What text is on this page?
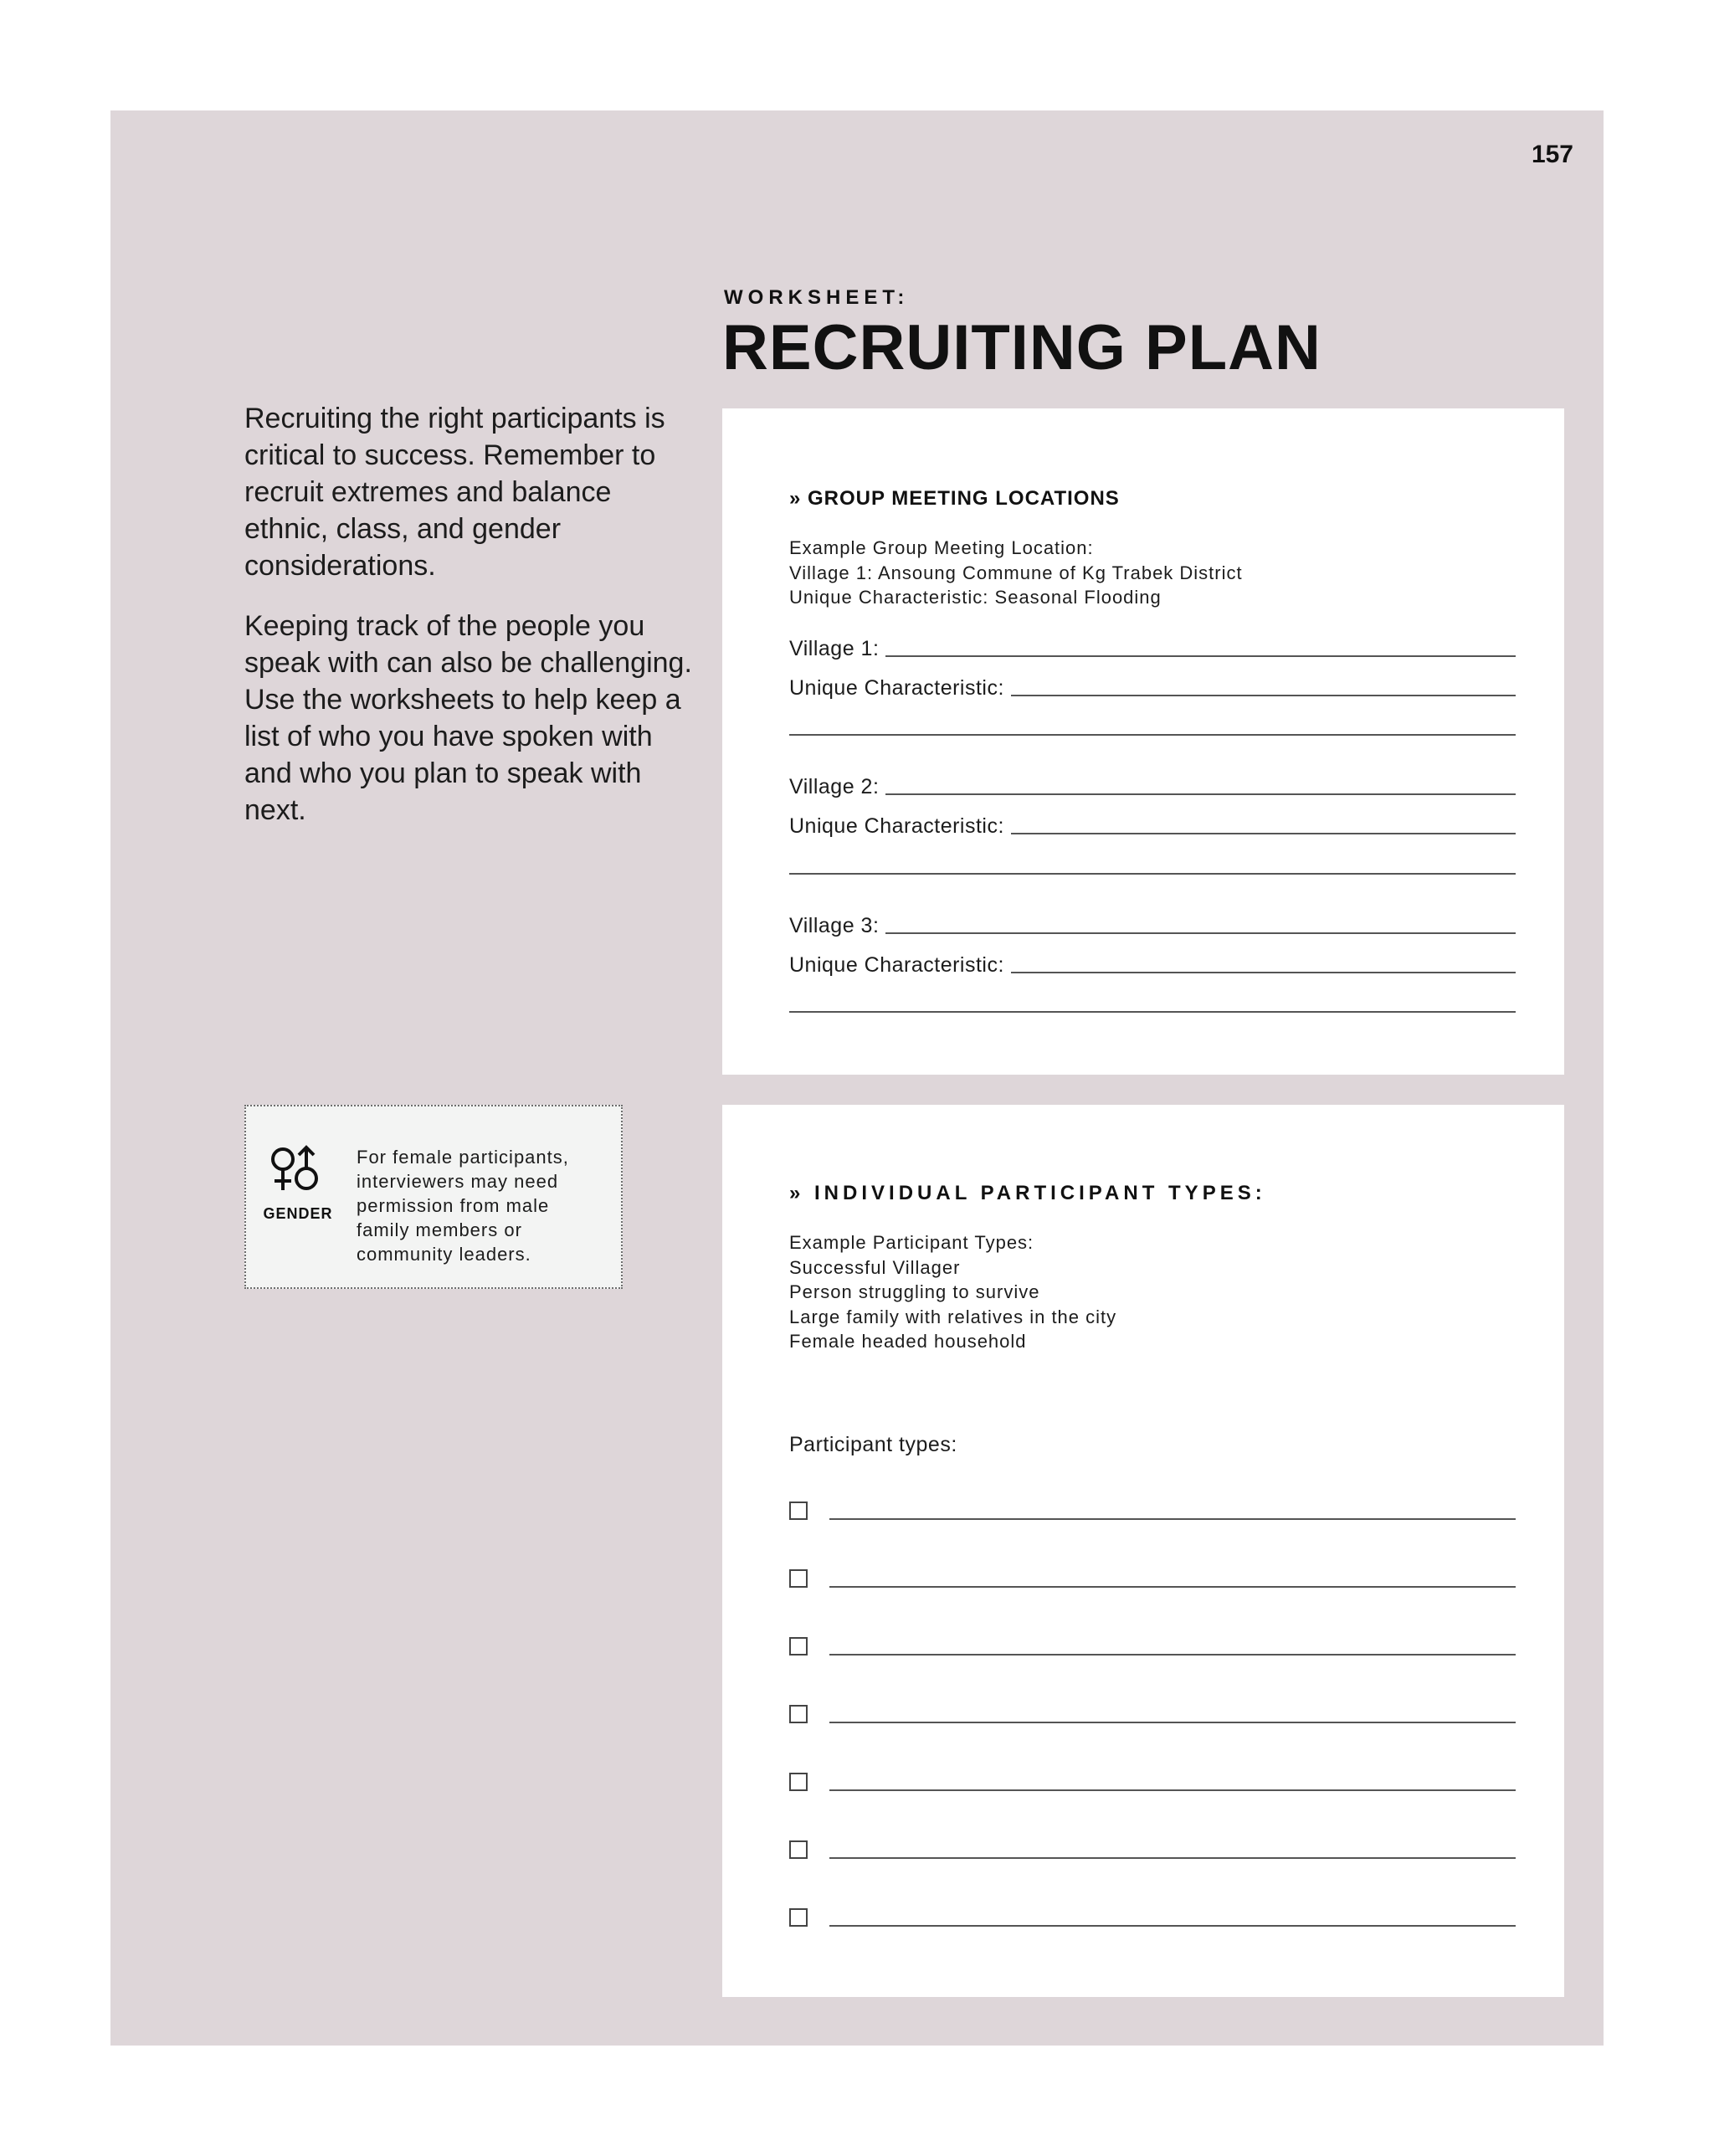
157
WORKSHEET:
RECRUITING PLAN

Recruiting the right participants is critical to success. Remember to recruit extremes and balance ethnic, class, and gender considerations.

Keeping track of the people you speak with can also be challenging. Use the worksheets to help keep a list of who you have spoken with and who you plan to speak with next.

GENDER
For female participants, interviewers may need permission from male family members or community leaders.
» GROUP MEETING LOCATIONS
Example Group Meeting Location:
Village 1: Ansoung Commune of Kg Trabek District
Unique Characteristic: Seasonal Flooding
Village 1:
Unique Characteristic:
Village 2:
Unique Characteristic:
Village 3:
Unique Characteristic:
» INDIVIDUAL PARTICIPANT TYPES:
Example Participant Types:
Successful Villager
Person struggling to survive
Large family with relatives in the city
Female headed household
Participant types:
